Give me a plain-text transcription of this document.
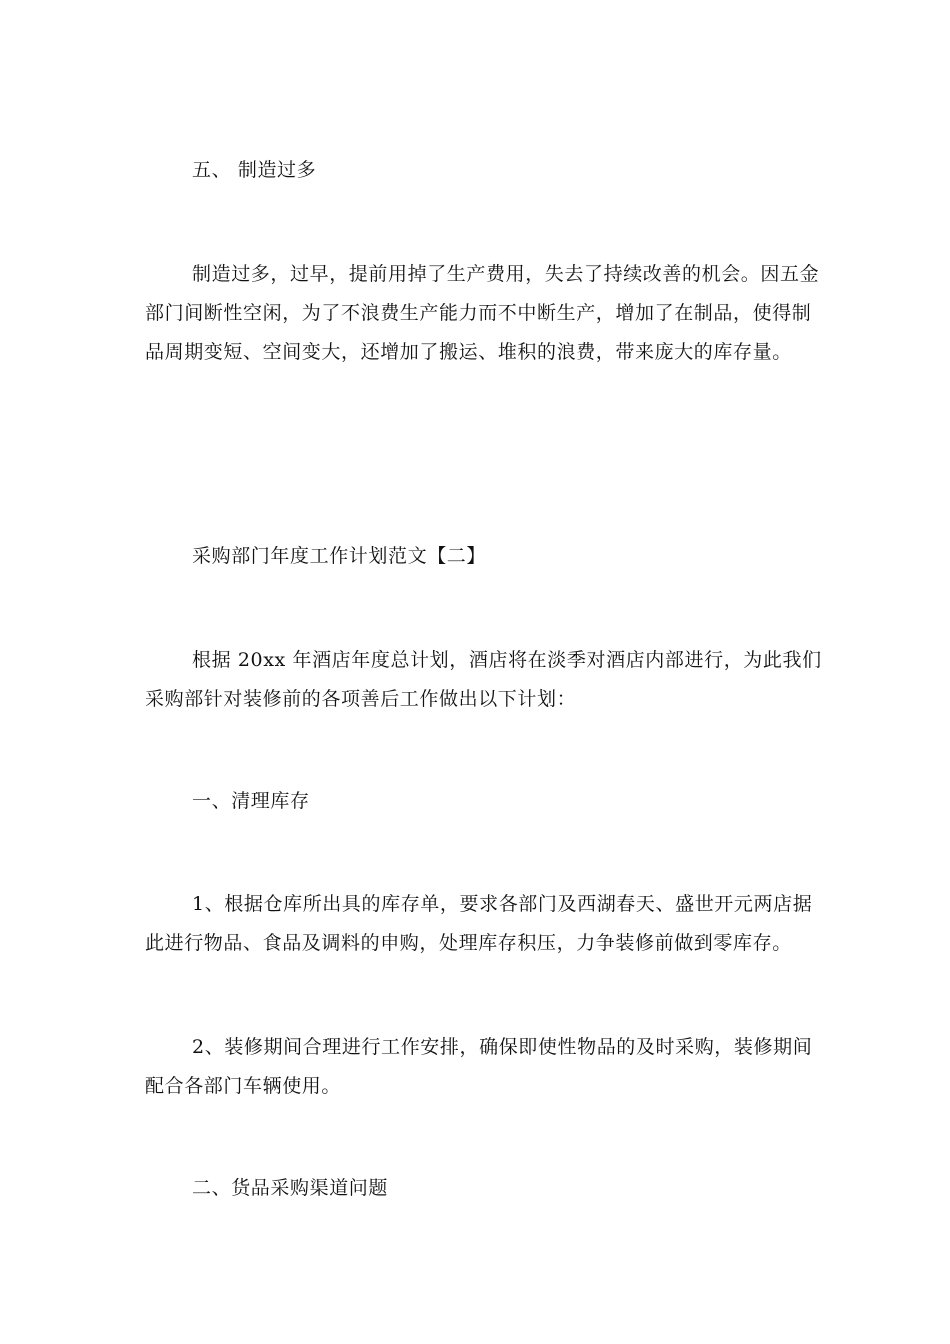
五、 制造过多
制造过多，过早，提前用掉了生产费用，失去了持续改善的机会。因五金
部门间断性空闲，为了不浪费生产能力而不中断生产，增加了在制品，使得制
品周期变短、空间变大，还增加了搬运、堆积的浪费，带来庞大的库存量。
采购部门年度工作计划范文【二】
根据 20xx 年酒店年度总计划，酒店将在淡季对酒店内部进行，为此我们
采购部针对装修前的各项善后工作做出以下计划：
一、清理库存
1、根据仓库所出具的库存单，要求各部门及西湖春天、盛世开元两店据
此进行物品、食品及调料的申购，处理库存积压，力争装修前做到零库存。
2、装修期间合理进行工作安排，确保即使性物品的及时采购，装修期间
配合各部门车辆使用。
二、货品采购渠道问题
